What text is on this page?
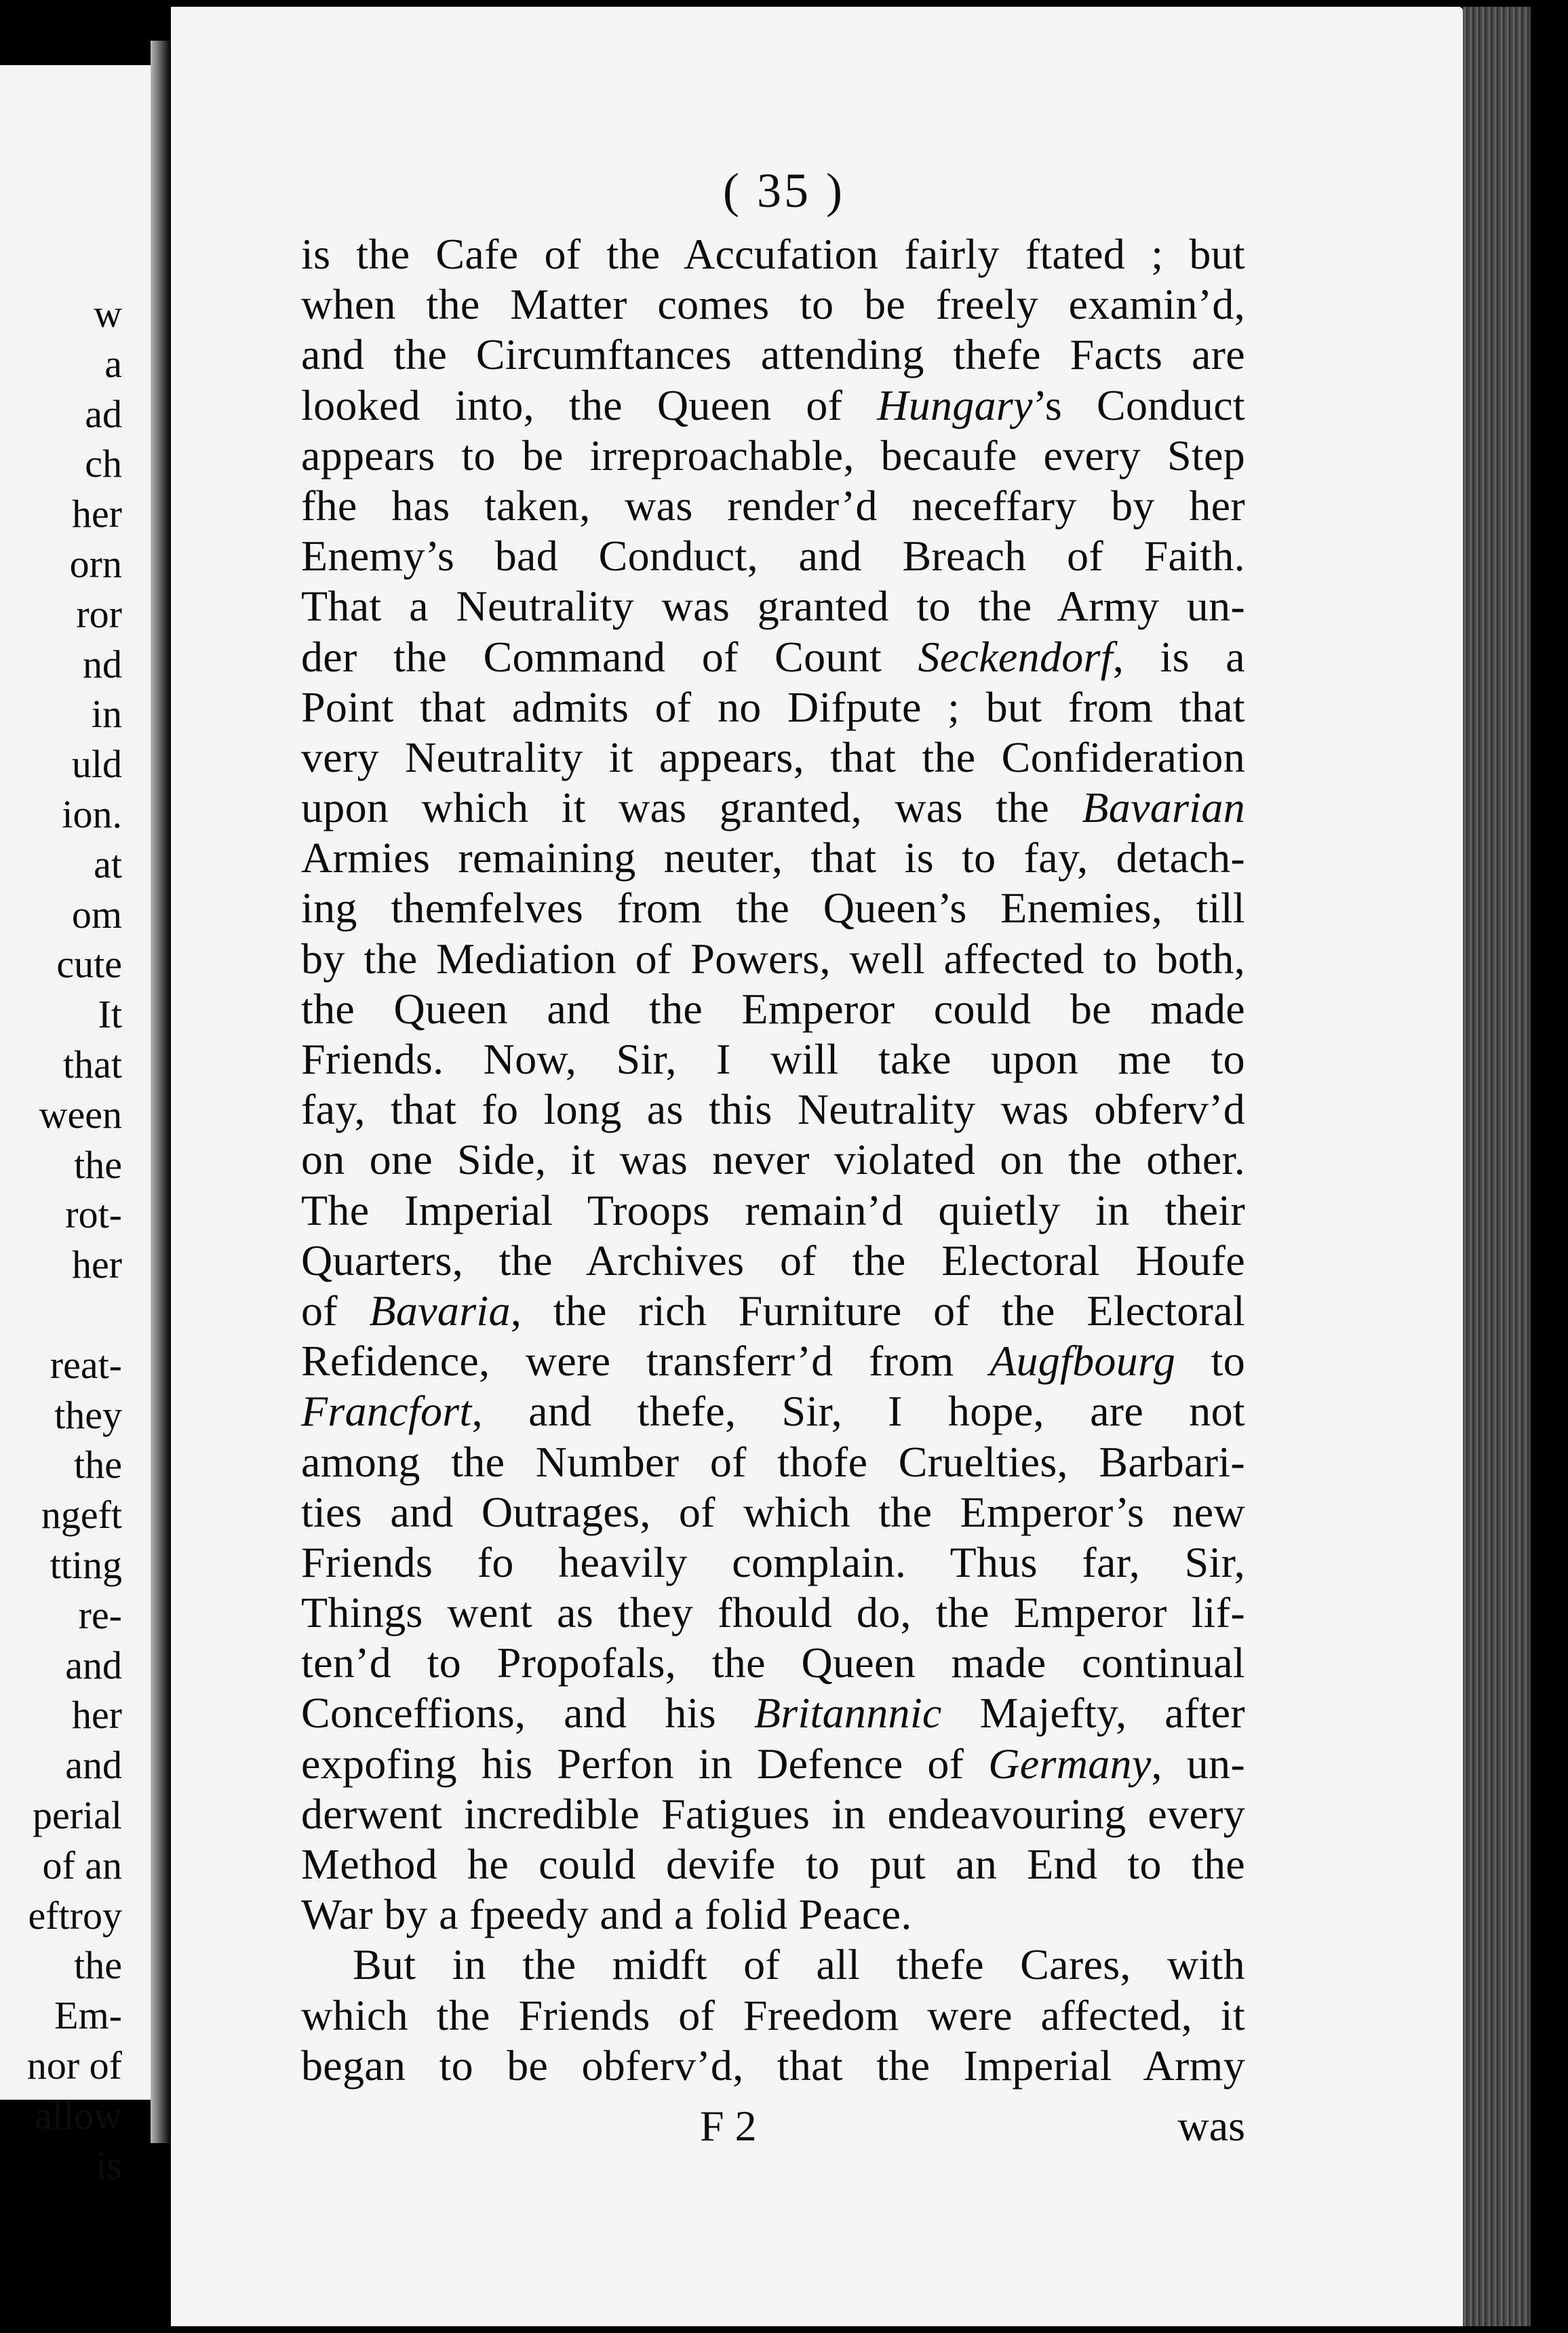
w
a
ad
ch
her
orn
ror
nd
in
uld
ion.
at
om
cute
It
that
ween
the
rot-
her
reat-
they
the
ngeft
tting
re-
and
her
and
perial
of an
eftroy
the
Em-
nor of
allow
is
( 35 )

is the Cafe of the Accufation fairly ftated ; but
when the Matter comes to be freely examin’d,
and the Circumftances attending thefe Facts are
looked into, the Queen of Hungary’s Conduct
appears to be irreproachable, becaufe every Step
fhe has taken, was render’d neceffary by her
Enemy’s bad Conduct, and Breach of Faith.
That a Neutrality was granted to the Army un-
der the Command of Count Seckendorf, is a
Point that admits of no Difpute ; but from that
very Neutrality it appears, that the Confideration
upon which it was granted, was the Bavarian
Armies remaining neuter, that is to fay, detach-
ing themfelves from the Queen’s Enemies, till
by the Mediation of Powers, well affected to both,
the Queen and the Emperor could be made
Friends. Now, Sir, I will take upon me to
fay, that fo long as this Neutrality was obferv’d
on one Side, it was never violated on the other.
The Imperial Troops remain’d quietly in their
Quarters, the Archives of the Electoral Houfe
of Bavaria, the rich Furniture of the Electoral
Refidence, were transferr’d from Augfbourg to
Francfort, and thefe, Sir, I hope, are not
among the Number of thofe Cruelties, Barbari-
ties and Outrages, of which the Emperor’s new
Friends fo heavily complain. Thus far, Sir,
Things went as they fhould do, the Emperor lif-
ten’d to Propofals, the Queen made continual
Conceffions, and his Britannnic Majefty, after
expofing his Perfon in Defence of Germany, un-
derwent incredible Fatigues in endeavouring every
Method he could devife to put an End to the
War by a fpeedy and a folid Peace.

But in the midft of all thefe Cares, with
which the Friends of Freedom were affected, it
began to be obferv’d, that the Imperial Army

F 2	was
